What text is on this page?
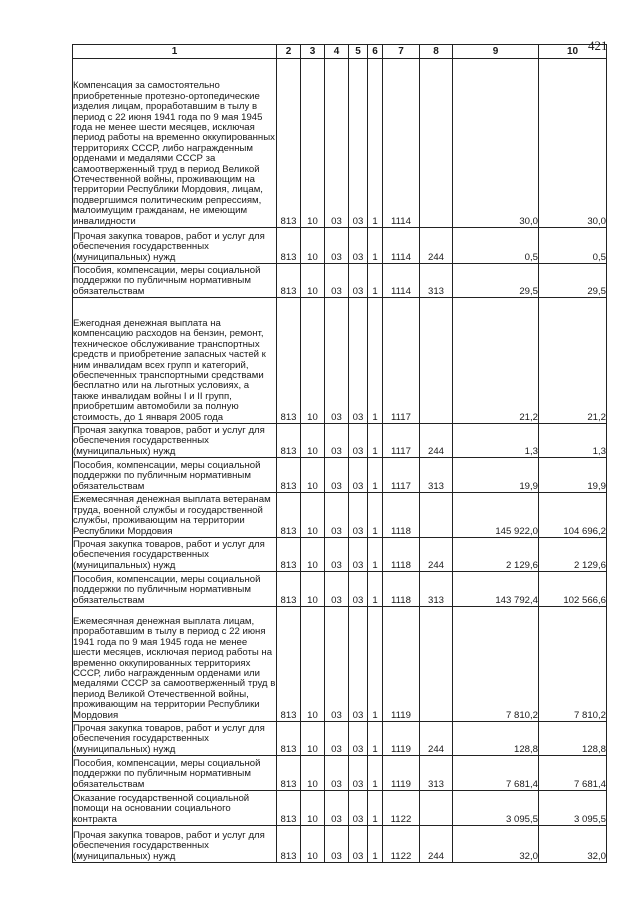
421
1	2	3	4	5	6	7	8	9	10
Компенсация за самостоятельно приобретенные протезно-ортопедические изделия лицам, проработавшим в тылу в период с 22 июня 1941 года по 9 мая 1945 года не менее шести месяцев, исключая период работы на временно оккупированных территориях СССР, либо награжденным орденами и медалями СССР за самоотверженный труд в период Великой Отечественной войны, проживающим на территории Республики Мордовия, лицам, подвергшимся политическим репрессиям, малоимущим гражданам, не имеющим инвалидности	813	10	03	03	1	1114		30,0	30,0
Прочая закупка товаров, работ и услуг для обеспечения государственных (муниципальных) нужд	813	10	03	03	1	1114	244	0,5	0,5
Пособия, компенсации, меры социальной поддержки по публичным нормативным обязательствам	813	10	03	03	1	1114	313	29,5	29,5
Ежегодная денежная выплата на компенсацию расходов на бензин, ремонт, техническое обслуживание транспортных средств и приобретение запасных частей к ним инвалидам всех групп и категорий, обеспеченных транспортными средствами бесплатно или на льготных условиях, а также инвалидам войны I и II групп, приобретшим автомобили за полную стоимость, до 1 января 2005 года	813	10	03	03	1	1117		21,2	21,2
Прочая закупка товаров, работ и услуг для обеспечения государственных (муниципальных) нужд	813	10	03	03	1	1117	244	1,3	1,3
Пособия, компенсации, меры социальной поддержки по публичным нормативным обязательствам	813	10	03	03	1	1117	313	19,9	19,9
Ежемесячная денежная выплата ветеранам труда, военной службы и государственной службы, проживающим на территории Республики Мордовия	813	10	03	03	1	1118		145 922,0	104 696,2
Прочая закупка товаров, работ и услуг для обеспечения государственных (муниципальных) нужд	813	10	03	03	1	1118	244	2 129,6	2 129,6
Пособия, компенсации, меры социальной поддержки по публичным нормативным обязательствам	813	10	03	03	1	1118	313	143 792,4	102 566,6
Ежемесячная денежная выплата лицам, проработавшим в тылу в период с 22 июня 1941 года по 9 мая 1945 года не менее шести месяцев, исключая период работы на временно оккупированных территориях СССР, либо награжденным орденами или медалями СССР за самоотверженный труд в период Великой Отечественной войны, проживающим на территории Республики Мордовия	813	10	03	03	1	1119		7 810,2	7 810,2
Прочая закупка товаров, работ и услуг для обеспечения государственных (муниципальных) нужд	813	10	03	03	1	1119	244	128,8	128,8
Пособия, компенсации, меры социальной поддержки по публичным нормативным обязательствам	813	10	03	03	1	1119	313	7 681,4	7 681,4
Оказание государственной социальной помощи на основании социального контракта	813	10	03	03	1	1122		3 095,5	3 095,5
Прочая закупка товаров, работ и услуг для обеспечения государственных (муниципальных) нужд	813	10	03	03	1	1122	244	32,0	32,0
